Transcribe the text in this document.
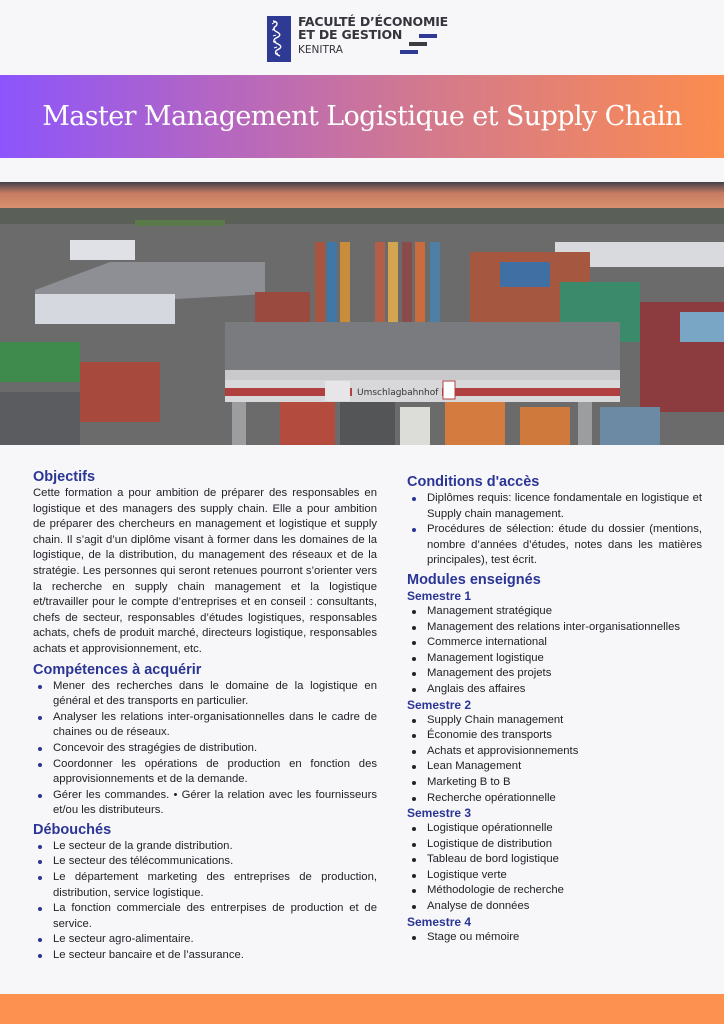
FACULTÉ D’ÉCONOMIE
ET DE GESTION
KENITRA
Master Management Logistique et Supply Chain
Umschlagbahnhof
Objectifs

Cette formation a pour ambition de préparer des responsables en logistique et des managers des supply chain. Elle a pour ambition de préparer des chercheurs en management et logistique et supply chain. Il s’agit d’un diplôme visant à former dans les domaines de la logistique, de la distribution, du management des réseaux et de la stratégie. Les personnes qui seront retenues pourront s’orienter vers la recherche en supply chain management et la logistique et/travailler pour le compte d’entreprises et en conseil : consultants, chefs de secteur, responsables d’études logistiques, responsables achats, chefs de produit marché, directeurs logistique, responsables achats et approvisionnement, etc.

Compétences à acquérir
Mener des recherches dans le domaine de la logistique en général et des transports en particulier.
Analyser les relations inter-organisationnelles dans le cadre de chaines ou de réseaux.
Concevoir des stragégies de distribution.
Coordonner les opérations de production en fonction des approvisionnements et de la demande.
Gérer les commandes. • Gérer la relation avec les fournisseurs et/ou les distributeurs.
Débouchés
Le secteur de la grande distribution.
Le secteur des télécommunications.
Le département marketing des entreprises de production, distribution, service logistique.
La fonction commerciale des entrerpises de production et de service.
Le secteur agro-alimentaire.
Le secteur bancaire et de l’assurance.
Conditions d'accès
Diplômes requis: licence fondamentale en logistique et Supply chain management.
Procédures de sélection: étude du dossier (mentions, nombre d’années d’études, notes dans les matières principales), test écrit.
Modules enseignés
Semestre 1
Management stratégique
Management des relations inter-organisationnelles
Commerce international
Management logistique
Management des projets
Anglais des affaires
Semestre 2
Supply Chain management
Économie des transports
Achats et approvisionnements
Lean Management
Marketing B to B
Recherche opérationnelle
Semestre 3
Logistique opérationnelle
Logistique de distribution
Tableau de bord logistique
Logistique verte
Méthodologie de recherche
Analyse de données
Semestre 4
Stage ou mémoire
